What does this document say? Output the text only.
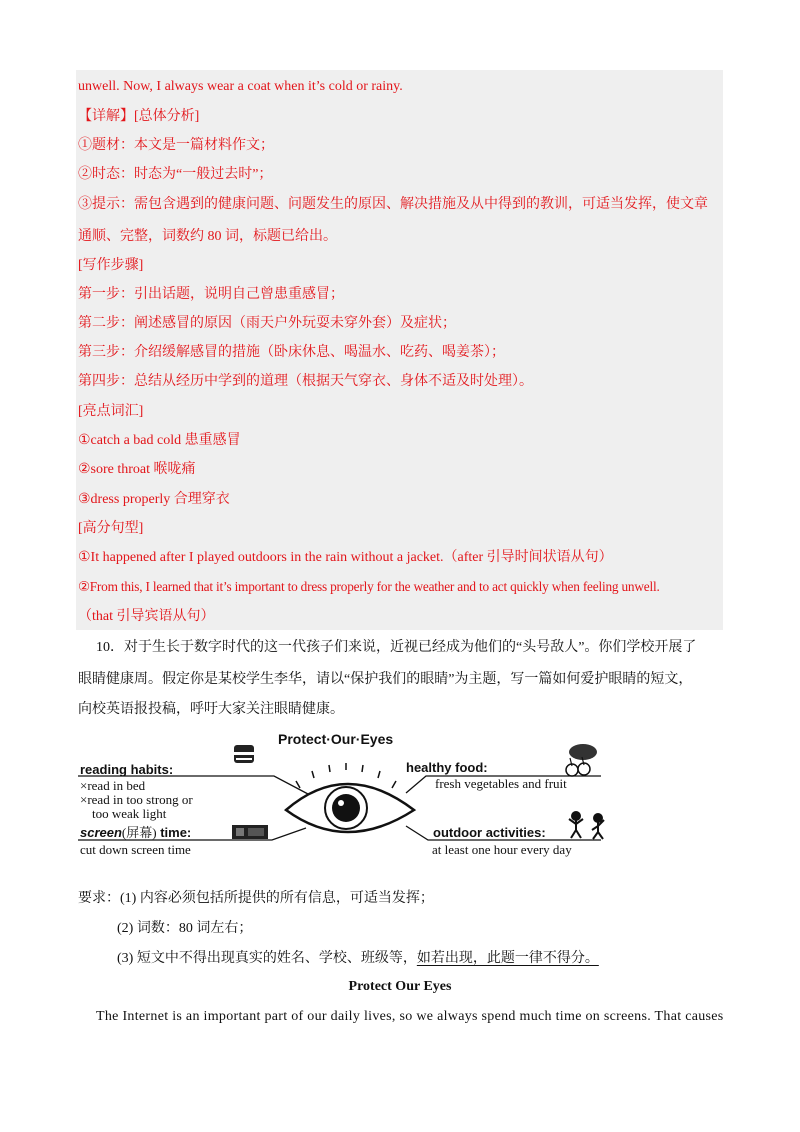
unwell. Now, I always wear a coat when it’s cold or rainy.
【详解】[总体分析]
①题材：本文是一篇材料作文；
②时态：时态为“一般过去时”；
③提示：需包含遇到的健康问题、问题发生的原因、解决措施及从中得到的教训，可适当发挥，使文章
通顺、完整，词数约 80 词，标题已给出。
[写作步骤]
第一步：引出话题，说明自己曾患重感冒；
第二步：阐述感冒的原因（雨天户外玩耍未穿外套）及症状；
第三步：介绍缓解感冒的措施（卧床休息、喝温水、吃药、喝姜茶）；
第四步：总结从经历中学到的道理（根据天气穿衣、身体不适及时处理）。
[亮点词汇]
①catch a bad cold 患重感冒
②sore throat 喉咙痛
③dress properly 合理穿衣
[高分句型]
①It happened after I played outdoors in the rain without a jacket.（after 引导时间状语从句）
②From this, I learned that it’s important to dress properly for the weather and to act quickly when feeling unwell.
（that 引导宾语从句）
10．对于生长于数字时代的这一代孩子们来说，近视已经成为他们的“头号敌人”。你们学校开展了
眼睛健康周。假定你是某校学生李华，请以“保护我们的眼睛”为主题，写一篇如何爱护眼睛的短文，
向校英语报投稿，呼吁大家关注眼睛健康。
Protect·Our·Eyes
reading habits:
×read in bed
×read in too strong or
too weak light
screen(屏幕) time:
cut down screen time
healthy food:
fresh vegetables and fruit
outdoor activities:
at least one hour every day
要求：(1) 内容必须包括所提供的所有信息，可适当发挥；
(2) 词数：80 词左右；
(3) 短文中不得出现真实的姓名、学校、班级等，如若出现，此题一律不得分。
Protect Our Eyes
The Internet is an important part of our daily lives, so we always spend much time on screens. That causes
